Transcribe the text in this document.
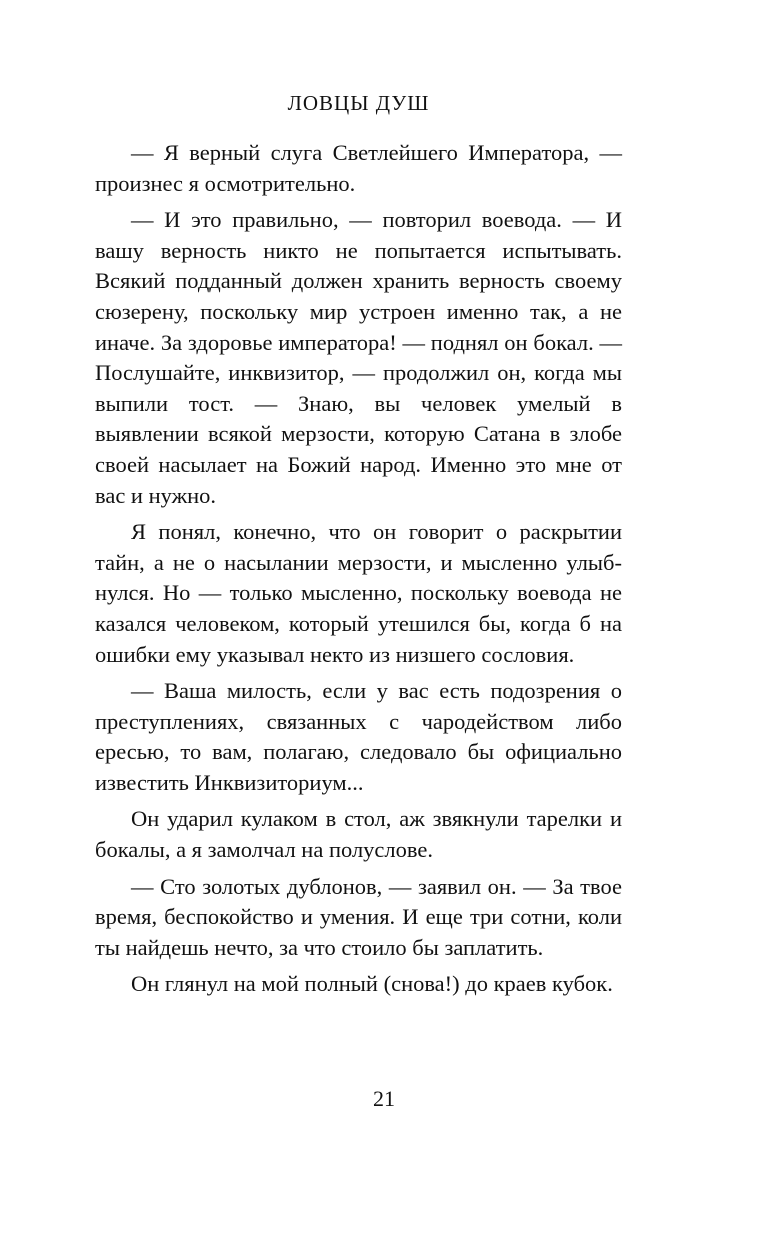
ЛОВЦЫ ДУШ

— Я верный слуга Светлейшего Императора, — произнес я осмотрительно.

— И это правильно, — повторил воевода. — И вашу верность никто не попытается испытывать. Всякий подданный должен хранить верность своему сюзерену, поскольку мир устроен именно так, а не иначе. За здоровье императора! — поднял он бокал. — Послушайте, инквизитор, — продолжил он, когда мы выпили тост. — Знаю, вы человек умелый в выявлении всякой мерзости, которую Сатана в злобе своей насылает на Божий народ. Именно это мне от вас и нужно.

Я понял, конечно, что он говорит о раскрытии тайн, а не о насылании мерзости, и мысленно улыбнулся. Но — только мысленно, поскольку воевода не казался человеком, который утешился бы, когда б на ошибки ему указывал некто из низшего сословия.

— Ваша милость, если у вас есть подозрения о преступлениях, связанных с чародейством либо ересью, то вам, полагаю, следовало бы официально известить Инквизиториум...

Он ударил кулаком в стол, аж звякнули тарелки и бокалы, а я замолчал на полуслове.

— Сто золотых дублонов, — заявил он. — За твое время, беспокойство и умения. И еще три сотни, коли ты найдешь нечто, за что стоило бы заплатить.

Он глянул на мой полный (снова!) до краев кубок.

21
